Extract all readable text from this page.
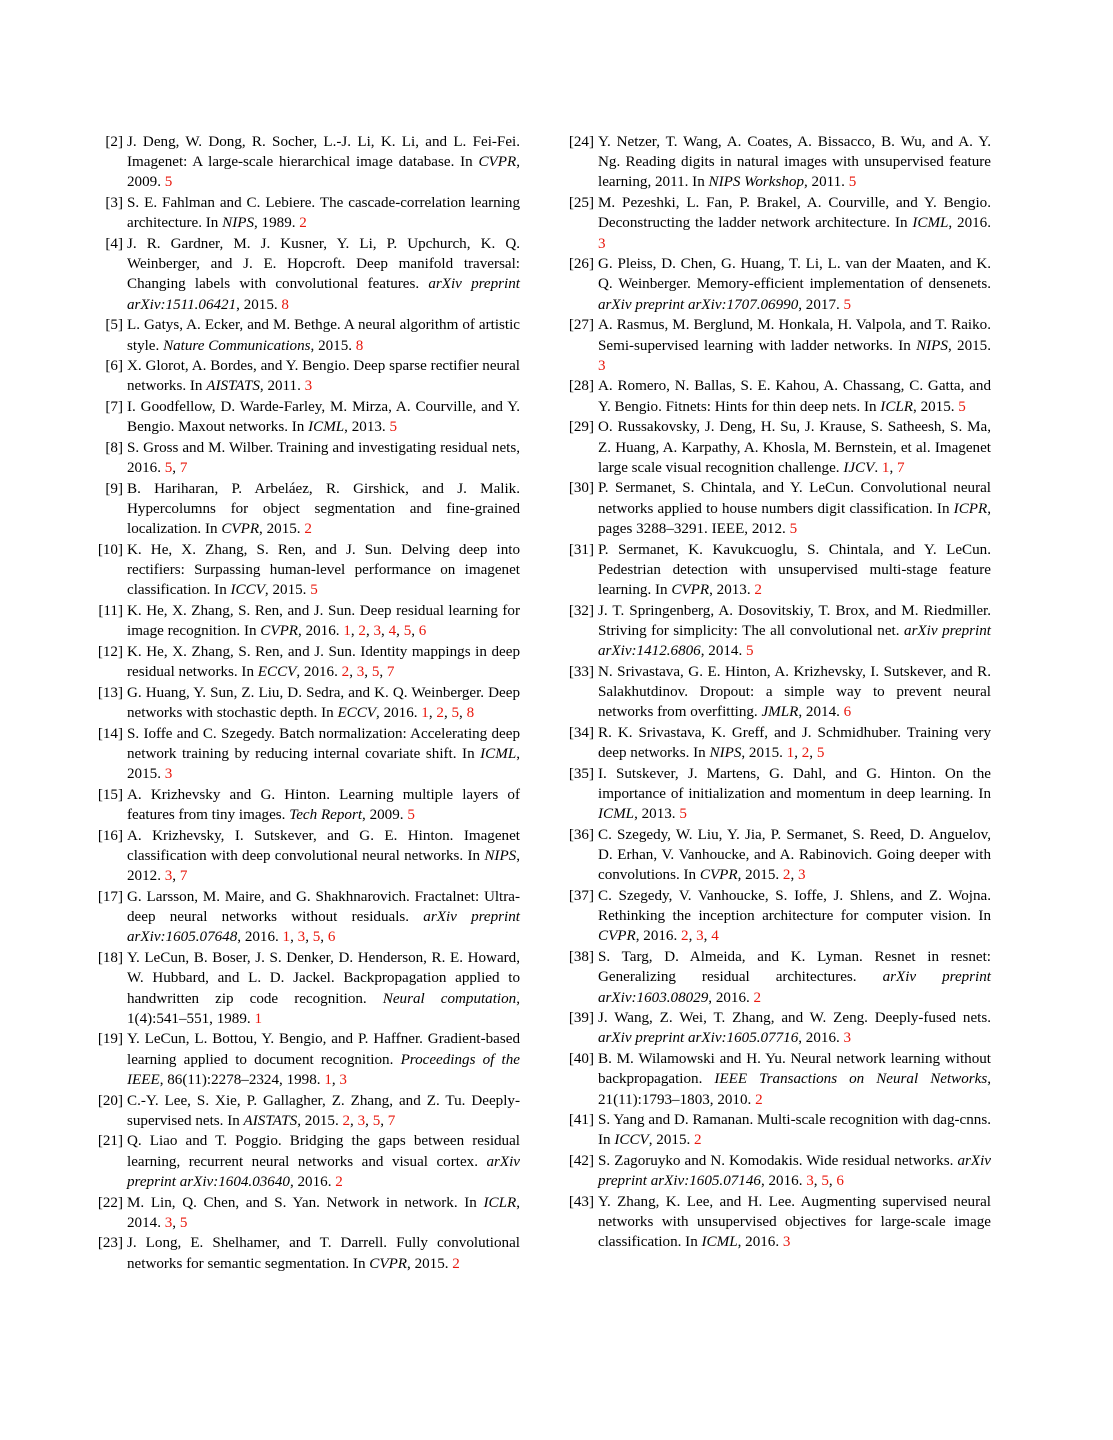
[2] J. Deng, W. Dong, R. Socher, L.-J. Li, K. Li, and L. Fei-Fei. Imagenet: A large-scale hierarchical image database. In CVPR, 2009. 5
[3] S. E. Fahlman and C. Lebiere. The cascade-correlation learning architecture. In NIPS, 1989. 2
[4] J. R. Gardner, M. J. Kusner, Y. Li, P. Upchurch, K. Q. Weinberger, and J. E. Hopcroft. Deep manifold traversal: Changing labels with convolutional features. arXiv preprint arXiv:1511.06421, 2015. 8
[5] L. Gatys, A. Ecker, and M. Bethge. A neural algorithm of artistic style. Nature Communications, 2015. 8
[6] X. Glorot, A. Bordes, and Y. Bengio. Deep sparse rectifier neural networks. In AISTATS, 2011. 3
[7] I. Goodfellow, D. Warde-Farley, M. Mirza, A. Courville, and Y. Bengio. Maxout networks. In ICML, 2013. 5
[8] S. Gross and M. Wilber. Training and investigating residual nets, 2016. 5, 7
[9] B. Hariharan, P. Arbeláez, R. Girshick, and J. Malik. Hypercolumns for object segmentation and fine-grained localization. In CVPR, 2015. 2
[10] K. He, X. Zhang, S. Ren, and J. Sun. Delving deep into rectifiers: Surpassing human-level performance on imagenet classification. In ICCV, 2015. 5
[11] K. He, X. Zhang, S. Ren, and J. Sun. Deep residual learning for image recognition. In CVPR, 2016. 1, 2, 3, 4, 5, 6
[12] K. He, X. Zhang, S. Ren, and J. Sun. Identity mappings in deep residual networks. In ECCV, 2016. 2, 3, 5, 7
[13] G. Huang, Y. Sun, Z. Liu, D. Sedra, and K. Q. Weinberger. Deep networks with stochastic depth. In ECCV, 2016. 1, 2, 5, 8
[14] S. Ioffe and C. Szegedy. Batch normalization: Accelerating deep network training by reducing internal covariate shift. In ICML, 2015. 3
[15] A. Krizhevsky and G. Hinton. Learning multiple layers of features from tiny images. Tech Report, 2009. 5
[16] A. Krizhevsky, I. Sutskever, and G. E. Hinton. Imagenet classification with deep convolutional neural networks. In NIPS, 2012. 3, 7
[17] G. Larsson, M. Maire, and G. Shakhnarovich. Fractalnet: Ultra-deep neural networks without residuals. arXiv preprint arXiv:1605.07648, 2016. 1, 3, 5, 6
[18] Y. LeCun, B. Boser, J. S. Denker, D. Henderson, R. E. Howard, W. Hubbard, and L. D. Jackel. Backpropagation applied to handwritten zip code recognition. Neural computation, 1(4):541–551, 1989. 1
[19] Y. LeCun, L. Bottou, Y. Bengio, and P. Haffner. Gradient-based learning applied to document recognition. Proceedings of the IEEE, 86(11):2278–2324, 1998. 1, 3
[20] C.-Y. Lee, S. Xie, P. Gallagher, Z. Zhang, and Z. Tu. Deeply-supervised nets. In AISTATS, 2015. 2, 3, 5, 7
[21] Q. Liao and T. Poggio. Bridging the gaps between residual learning, recurrent neural networks and visual cortex. arXiv preprint arXiv:1604.03640, 2016. 2
[22] M. Lin, Q. Chen, and S. Yan. Network in network. In ICLR, 2014. 3, 5
[23] J. Long, E. Shelhamer, and T. Darrell. Fully convolutional networks for semantic segmentation. In CVPR, 2015. 2
[24] Y. Netzer, T. Wang, A. Coates, A. Bissacco, B. Wu, and A. Y. Ng. Reading digits in natural images with unsupervised feature learning, 2011. In NIPS Workshop, 2011. 5
[25] M. Pezeshki, L. Fan, P. Brakel, A. Courville, and Y. Bengio. Deconstructing the ladder network architecture. In ICML, 2016. 3
[26] G. Pleiss, D. Chen, G. Huang, T. Li, L. van der Maaten, and K. Q. Weinberger. Memory-efficient implementation of densenets. arXiv preprint arXiv:1707.06990, 2017. 5
[27] A. Rasmus, M. Berglund, M. Honkala, H. Valpola, and T. Raiko. Semi-supervised learning with ladder networks. In NIPS, 2015. 3
[28] A. Romero, N. Ballas, S. E. Kahou, A. Chassang, C. Gatta, and Y. Bengio. Fitnets: Hints for thin deep nets. In ICLR, 2015. 5
[29] O. Russakovsky, J. Deng, H. Su, J. Krause, S. Satheesh, S. Ma, Z. Huang, A. Karpathy, A. Khosla, M. Bernstein, et al. Imagenet large scale visual recognition challenge. IJCV. 1, 7
[30] P. Sermanet, S. Chintala, and Y. LeCun. Convolutional neural networks applied to house numbers digit classification. In ICPR, pages 3288–3291. IEEE, 2012. 5
[31] P. Sermanet, K. Kavukcuoglu, S. Chintala, and Y. LeCun. Pedestrian detection with unsupervised multi-stage feature learning. In CVPR, 2013. 2
[32] J. T. Springenberg, A. Dosovitskiy, T. Brox, and M. Riedmiller. Striving for simplicity: The all convolutional net. arXiv preprint arXiv:1412.6806, 2014. 5
[33] N. Srivastava, G. E. Hinton, A. Krizhevsky, I. Sutskever, and R. Salakhutdinov. Dropout: a simple way to prevent neural networks from overfitting. JMLR, 2014. 6
[34] R. K. Srivastava, K. Greff, and J. Schmidhuber. Training very deep networks. In NIPS, 2015. 1, 2, 5
[35] I. Sutskever, J. Martens, G. Dahl, and G. Hinton. On the importance of initialization and momentum in deep learning. In ICML, 2013. 5
[36] C. Szegedy, W. Liu, Y. Jia, P. Sermanet, S. Reed, D. Anguelov, D. Erhan, V. Vanhoucke, and A. Rabinovich. Going deeper with convolutions. In CVPR, 2015. 2, 3
[37] C. Szegedy, V. Vanhoucke, S. Ioffe, J. Shlens, and Z. Wojna. Rethinking the inception architecture for computer vision. In CVPR, 2016. 2, 3, 4
[38] S. Targ, D. Almeida, and K. Lyman. Resnet in resnet: Generalizing residual architectures. arXiv preprint arXiv:1603.08029, 2016. 2
[39] J. Wang, Z. Wei, T. Zhang, and W. Zeng. Deeply-fused nets. arXiv preprint arXiv:1605.07716, 2016. 3
[40] B. M. Wilamowski and H. Yu. Neural network learning without backpropagation. IEEE Transactions on Neural Networks, 21(11):1793–1803, 2010. 2
[41] S. Yang and D. Ramanan. Multi-scale recognition with dag-cnns. In ICCV, 2015. 2
[42] S. Zagoruyko and N. Komodakis. Wide residual networks. arXiv preprint arXiv:1605.07146, 2016. 3, 5, 6
[43] Y. Zhang, K. Lee, and H. Lee. Augmenting supervised neural networks with unsupervised objectives for large-scale image classification. In ICML, 2016. 3
